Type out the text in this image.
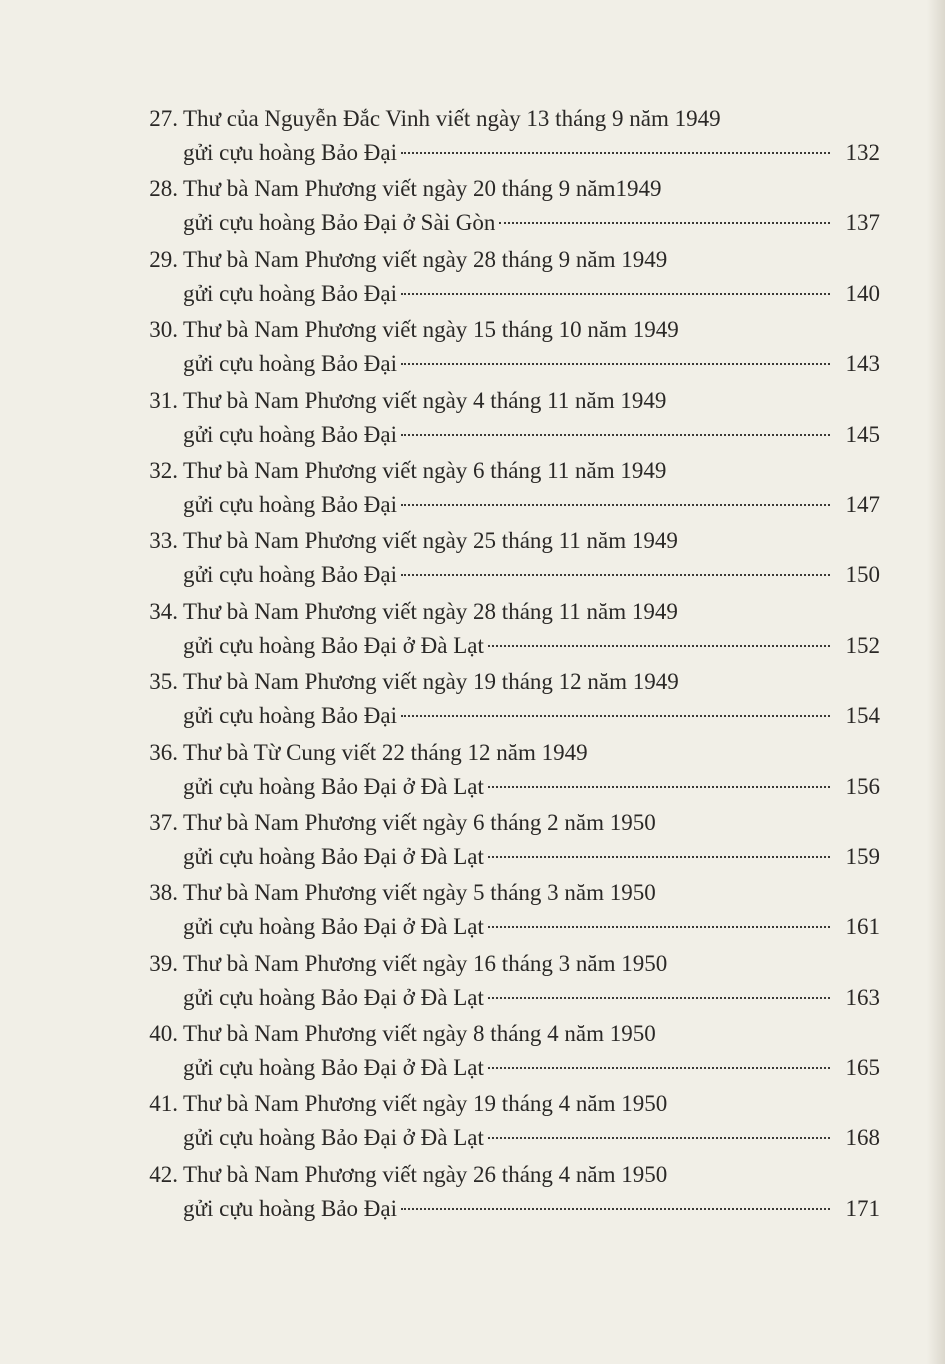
27. Thư của Nguyễn Đắc Vinh viết ngày 13 tháng 9 năm 1949
gửi cựu hoàng Bảo Đại	132
28. Thư bà Nam Phương viết ngày 20 tháng 9 năm1949
gửi cựu hoàng Bảo Đại ở Sài Gòn	137
29. Thư bà Nam Phương viết ngày 28 tháng 9 năm 1949
gửi cựu hoàng Bảo Đại	140
30. Thư bà Nam Phương viết ngày 15 tháng 10 năm 1949
gửi cựu hoàng Bảo Đại	143
31. Thư bà Nam Phương viết ngày 4 tháng 11 năm 1949
gửi cựu hoàng Bảo Đại	145
32. Thư bà Nam Phương viết ngày 6 tháng 11 năm 1949
gửi cựu hoàng Bảo Đại	147
33. Thư bà Nam Phương viết ngày 25 tháng 11 năm 1949
gửi cựu hoàng Bảo Đại	150
34. Thư bà Nam Phương viết ngày 28 tháng 11 năm 1949
gửi cựu hoàng Bảo Đại ở Đà Lạt	152
35. Thư bà Nam Phương viết ngày 19 tháng 12 năm 1949
gửi cựu hoàng Bảo Đại	154
36. Thư bà Từ Cung viết 22 tháng 12 năm 1949
gửi cựu hoàng Bảo Đại ở Đà Lạt	156
37. Thư bà Nam Phương viết ngày 6 tháng 2 năm 1950
gửi cựu hoàng Bảo Đại ở Đà Lạt	159
38. Thư bà Nam Phương viết ngày 5 tháng 3 năm 1950
gửi cựu hoàng Bảo Đại ở Đà Lạt	161
39. Thư bà Nam Phương viết ngày 16 tháng 3 năm 1950
gửi cựu hoàng Bảo Đại ở Đà Lạt	163
40. Thư bà Nam Phương viết ngày 8 tháng 4 năm 1950
gửi cựu hoàng Bảo Đại ở Đà Lạt	165
41. Thư bà Nam Phương viết ngày 19 tháng 4 năm 1950
gửi cựu hoàng Bảo Đại ở Đà Lạt	168
42. Thư bà Nam Phương viết ngày 26 tháng 4 năm 1950
gửi cựu hoàng Bảo Đại	171
